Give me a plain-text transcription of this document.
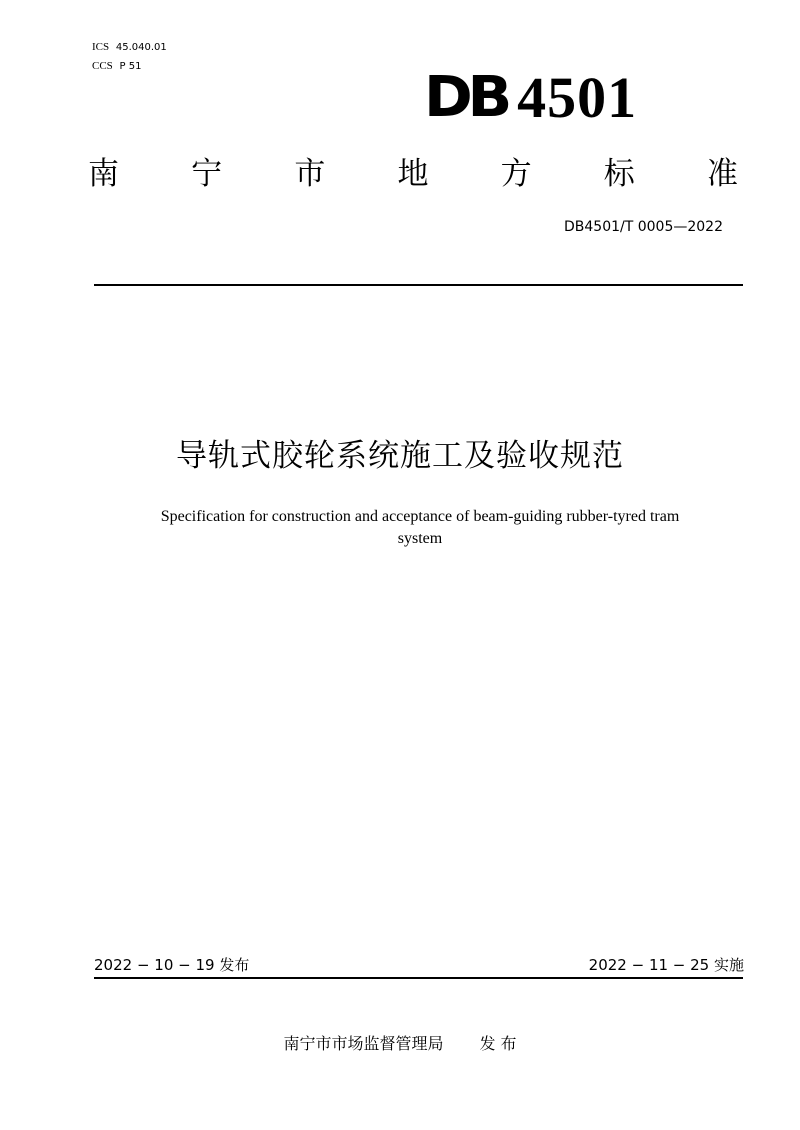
ICS 45.040.01
CCS P 51	DB 4501
南 宁 市 地 方 标 准
DB4501/T 0005—2022
导轨式胶轮系统施工及验收规范
Specification for construction and acceptance of beam-guiding rubber-tyred tram
system
2022 − 10 − 19 发布	2022 − 11 − 25 实施
南宁市市场监督管理局 发 布
